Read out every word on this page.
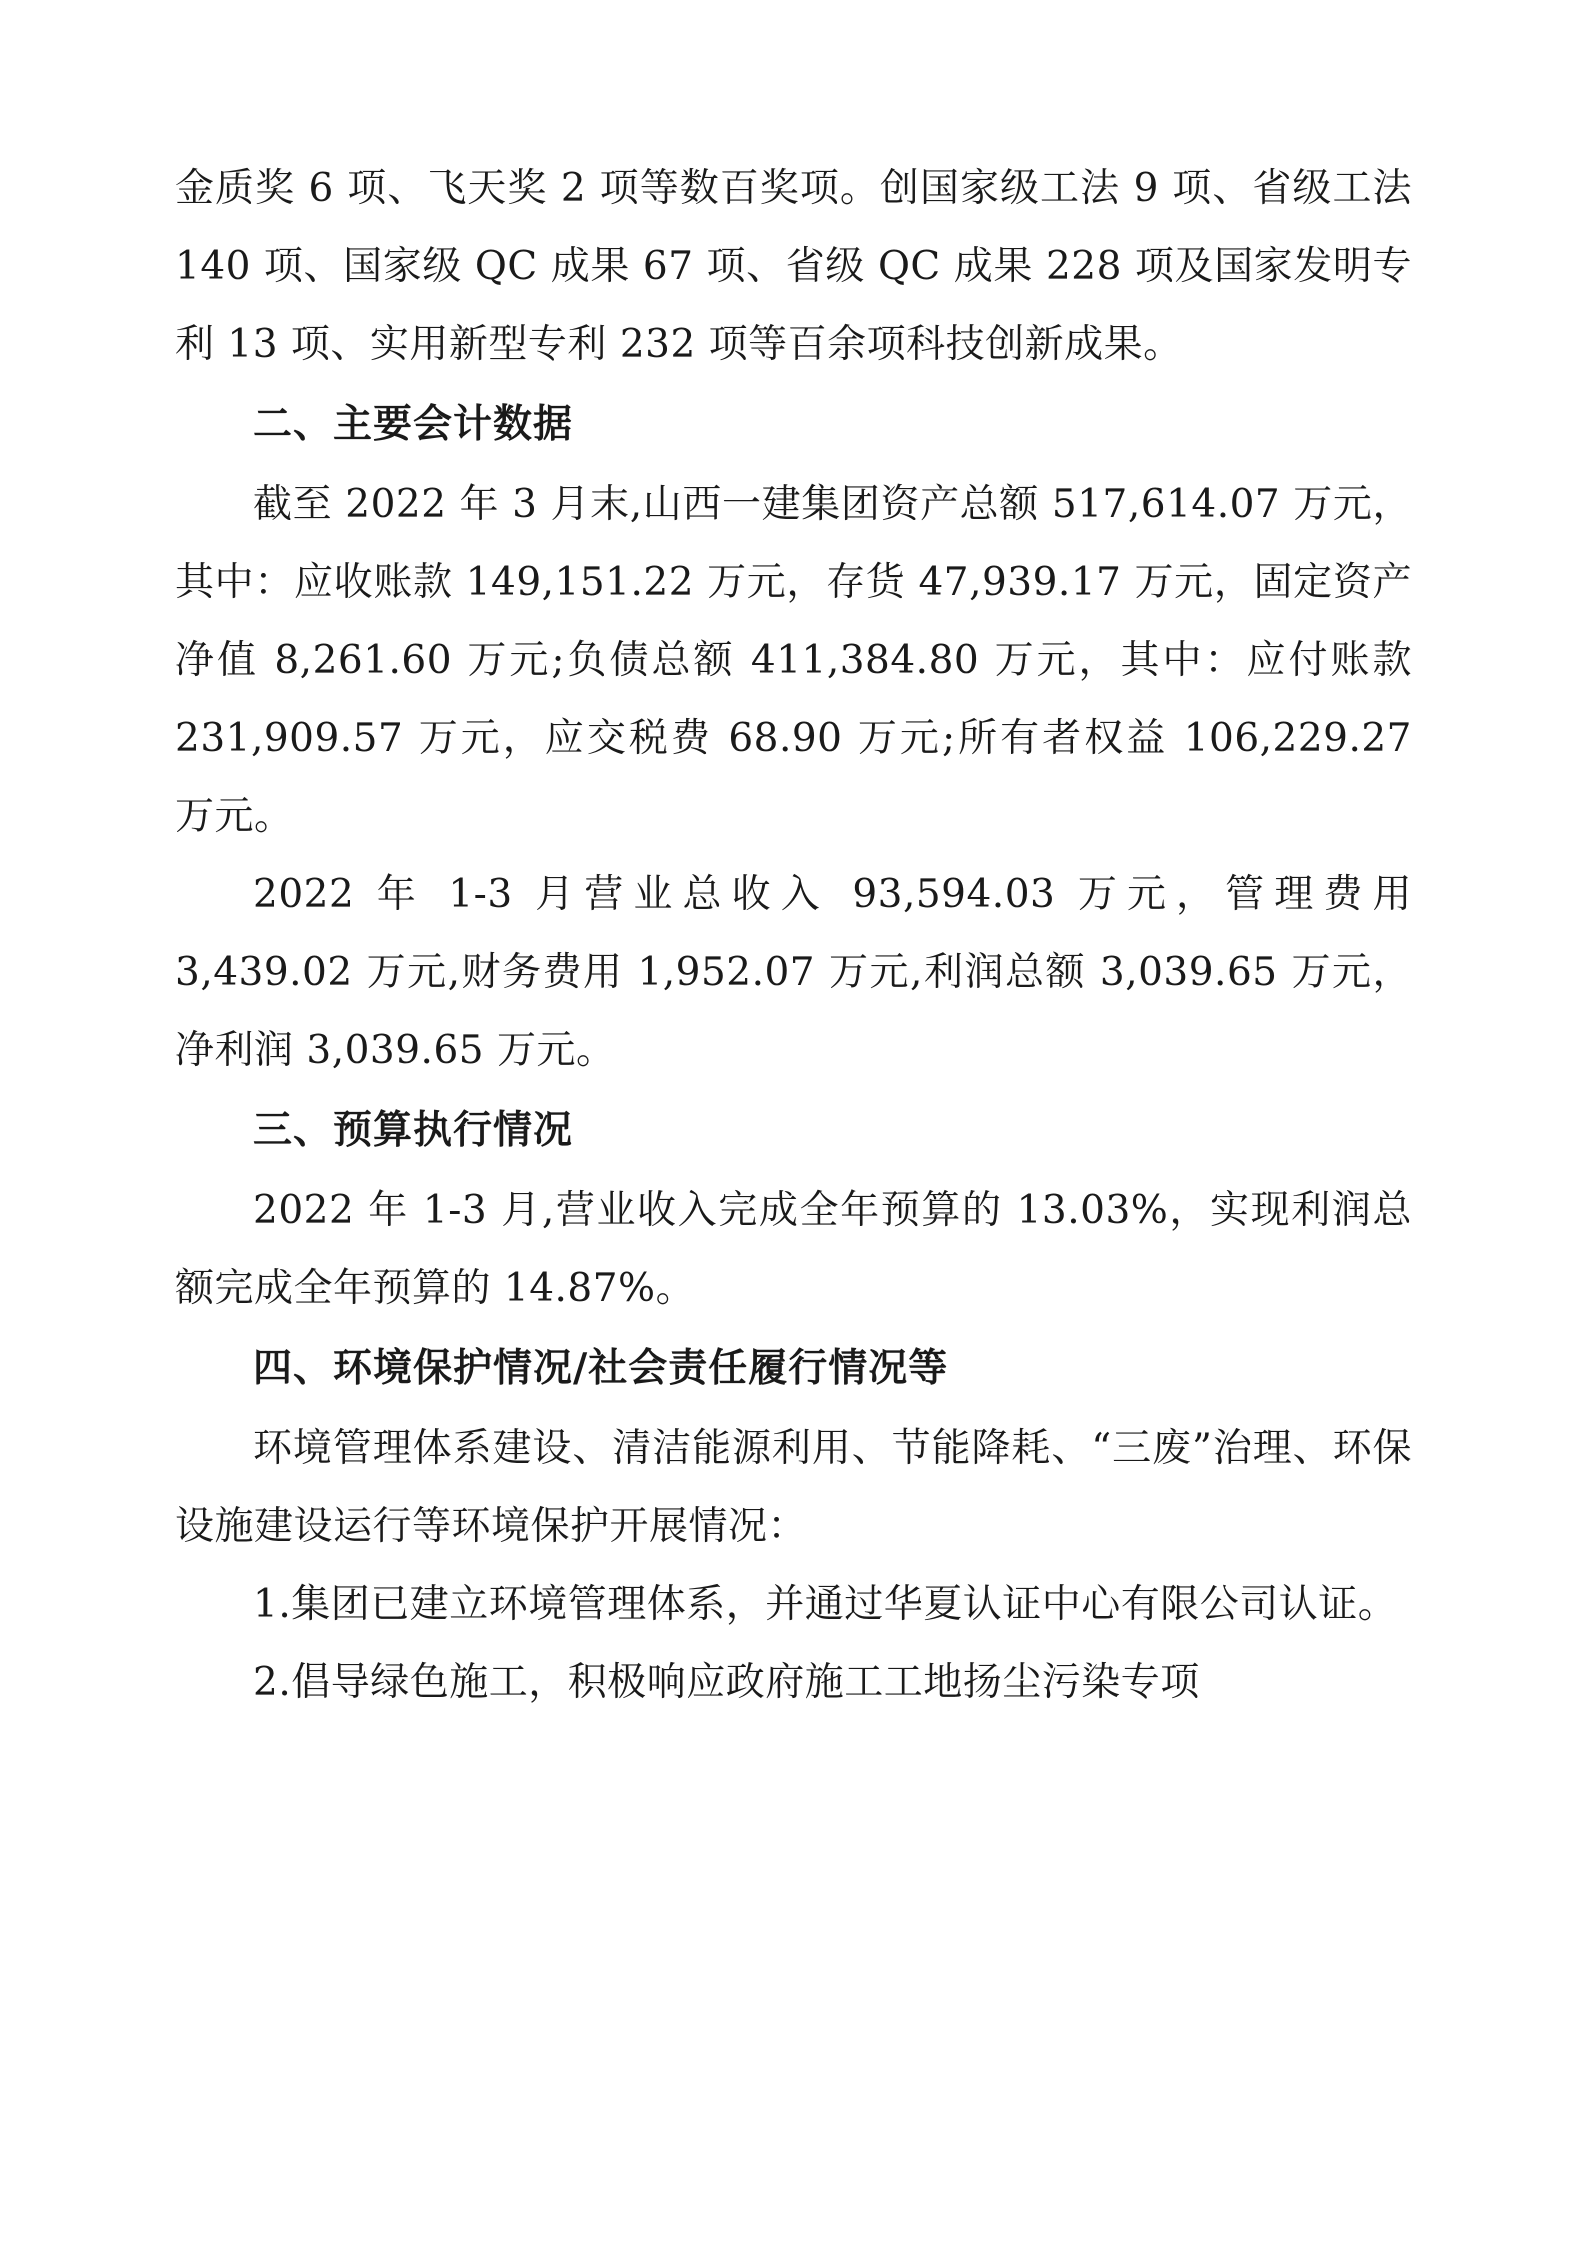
金质奖 6 项、飞天奖 2 项等数百奖项。创国家级工法 9 项、省级工法 140 项、国家级 QC 成果 67 项、省级 QC 成果 228 项及国家发明专利 13 项、实用新型专利 232 项等百余项科技创新成果。

二、主要会计数据

截至 2022 年 3 月末,山西一建集团资产总额 517,614.07 万元，其中：应收账款 149,151.22 万元，存货 47,939.17 万元，固定资产净值 8,261.60 万元;负债总额 411,384.80 万元，其中：应付账款 231,909.57 万元，应交税费 68.90 万元;所有者权益 106,229.27 万元。

2022 年 1-3 月营业总收入 93,594.03 万元，管理费用 3,439.02 万元,财务费用 1,952.07 万元,利润总额 3,039.65 万元，净利润 3,039.65 万元。

三、预算执行情况

2022 年 1-3 月,营业收入完成全年预算的 13.03%，实现利润总额完成全年预算的 14.87%。

四、环境保护情况/社会责任履行情况等

环境管理体系建设、清洁能源利用、节能降耗、“三废”治理、环保设施建设运行等环境保护开展情况：

1.集团已建立环境管理体系，并通过华夏认证中心有限公司认证。

2.倡导绿色施工，积极响应政府施工工地扬尘污染专项
